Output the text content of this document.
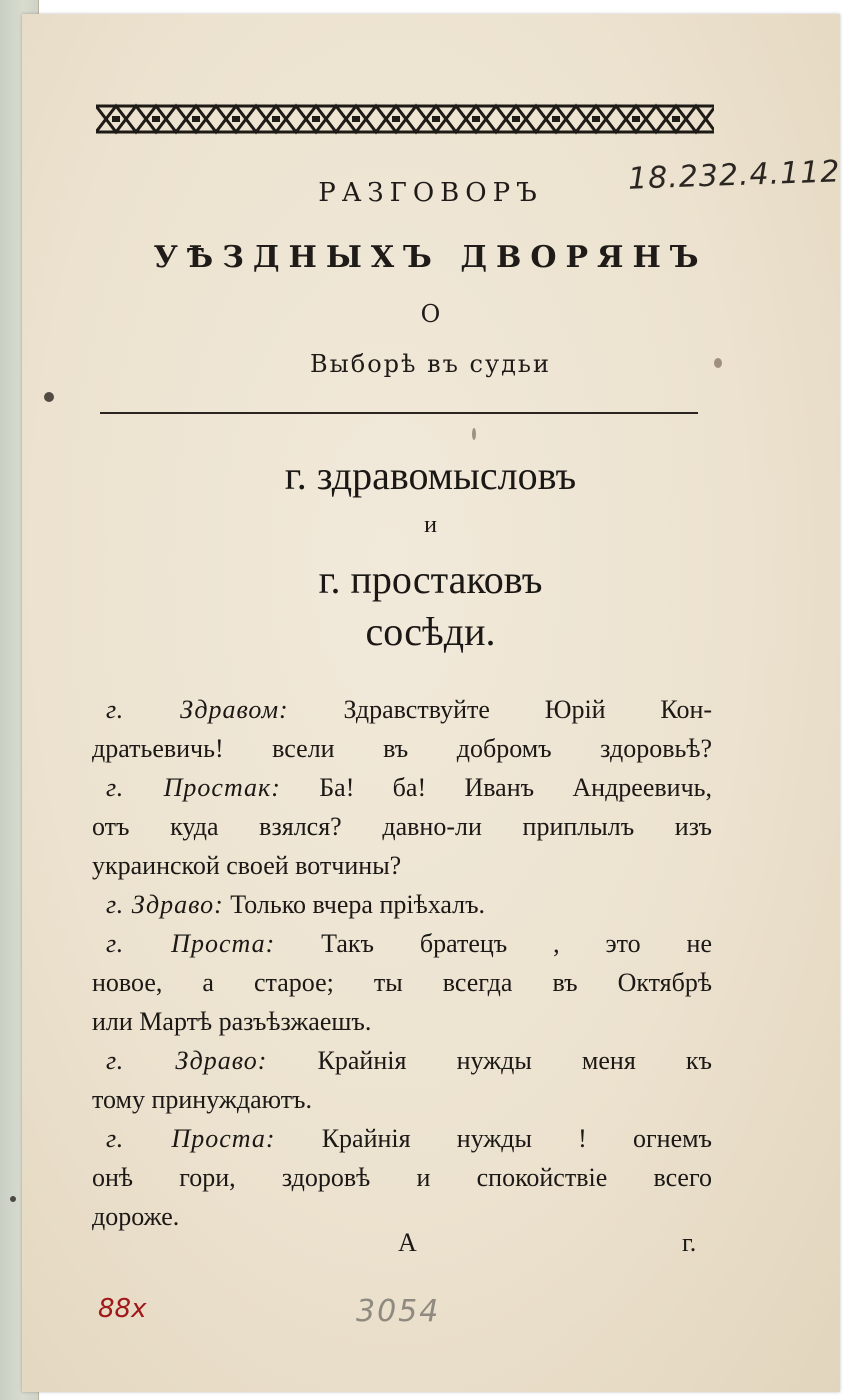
18.232.4.112
РАЗГОВОРЪ
УѢЗДНЫХЪ ДВОРЯНЪ
О
Выборѣ въ судьи
г. здравомысловъ
и
г. простаковъ
сосѣди.
г. Здравом: Здравствуйте Юрій Кон-
дратьевичь! всели въ добромъ здоровьѣ?
г. Простак: Ба! ба! Иванъ Андреевичь,
отъ куда взялся? давно-ли приплылъ изъ
украинской своей вотчины?
г. Здраво: Только вчера пріѣхалъ.
г. Проста: Такъ братецъ , это не
новое, а старое; ты всегда въ Октябрѣ
или Мартѣ разъѣзжаешъ.
г. Здраво: Крайнія нужды меня къ
тому принуждаютъ.
г. Проста: Крайнія нужды ! огнемъ
онѣ гори, здоровѣ и спокойствіе всего
дороже.
А	г.
88x	3054
